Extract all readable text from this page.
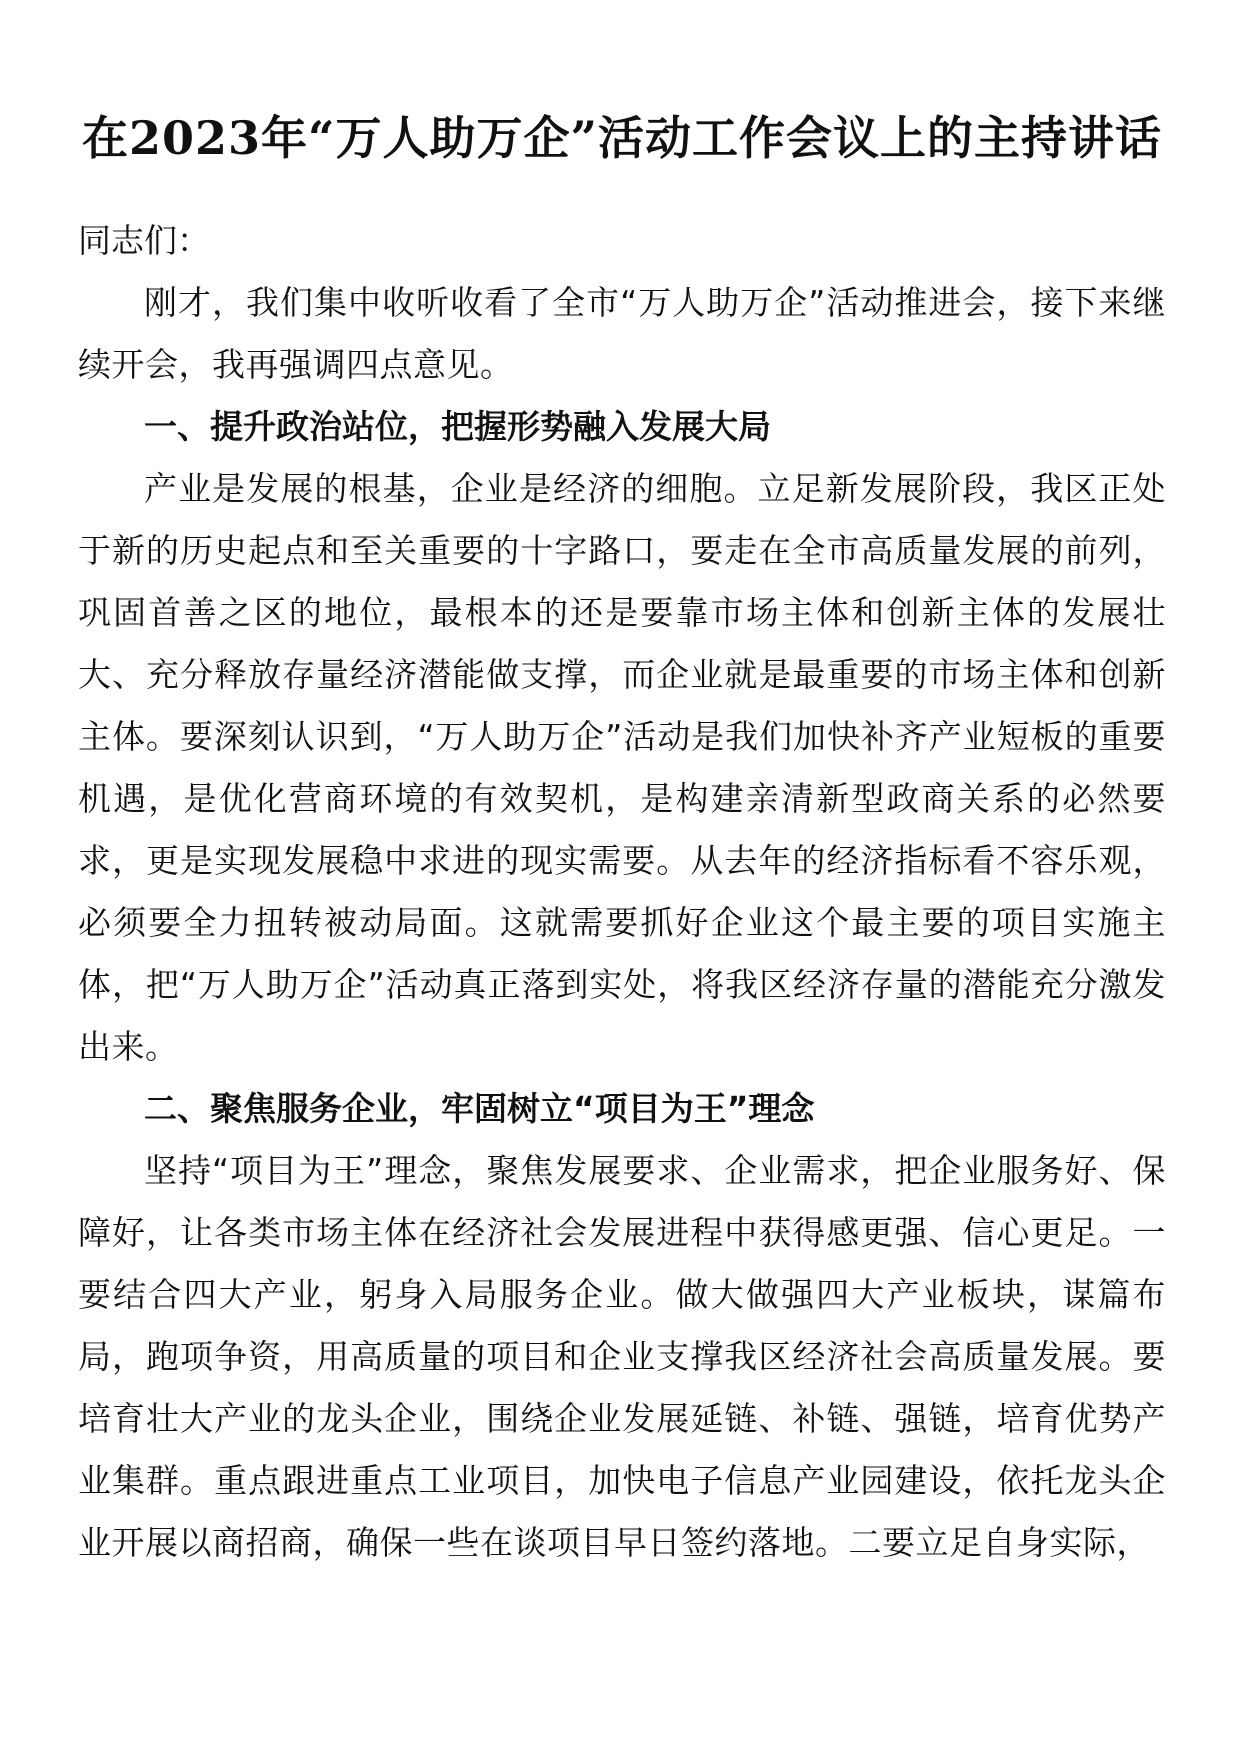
在2023年“万人助万企”活动工作会议上的主持讲话

同志们：

刚才，我们集中收听收看了全市“万人助万企”活动推进会，接下来继续开会，我再强调四点意见。

一、提升政治站位，把握形势融入发展大局

产业是发展的根基，企业是经济的细胞。立足新发展阶段，我区正处于新的历史起点和至关重要的十字路口，要走在全市高质量发展的前列，巩固首善之区的地位，最根本的还是要靠市场主体和创新主体的发展壮大、充分释放存量经济潜能做支撑，而企业就是最重要的市场主体和创新主体。要深刻认识到，“万人助万企”活动是我们加快补齐产业短板的重要机遇，是优化营商环境的有效契机，是构建亲清新型政商关系的必然要求，更是实现发展稳中求进的现实需要。从去年的经济指标看不容乐观，必须要全力扭转被动局面。这就需要抓好企业这个最主要的项目实施主体，把“万人助万企”活动真正落到实处，将我区经济存量的潜能充分激发出来。

二、聚焦服务企业，牢固树立“项目为王”理念

坚持“项目为王”理念，聚焦发展要求、企业需求，把企业服务好、保障好，让各类市场主体在经济社会发展进程中获得感更强、信心更足。一要结合四大产业，躬身入局服务企业。做大做强四大产业板块，谋篇布局，跑项争资，用高质量的项目和企业支撑我区经济社会高质量发展。要培育壮大产业的龙头企业，围绕企业发展延链、补链、强链，培育优势产业集群。重点跟进重点工业项目，加快电子信息产业园建设，依托龙头企业开展以商招商，确保一些在谈项目早日签约落地。二要立足自身实际，
